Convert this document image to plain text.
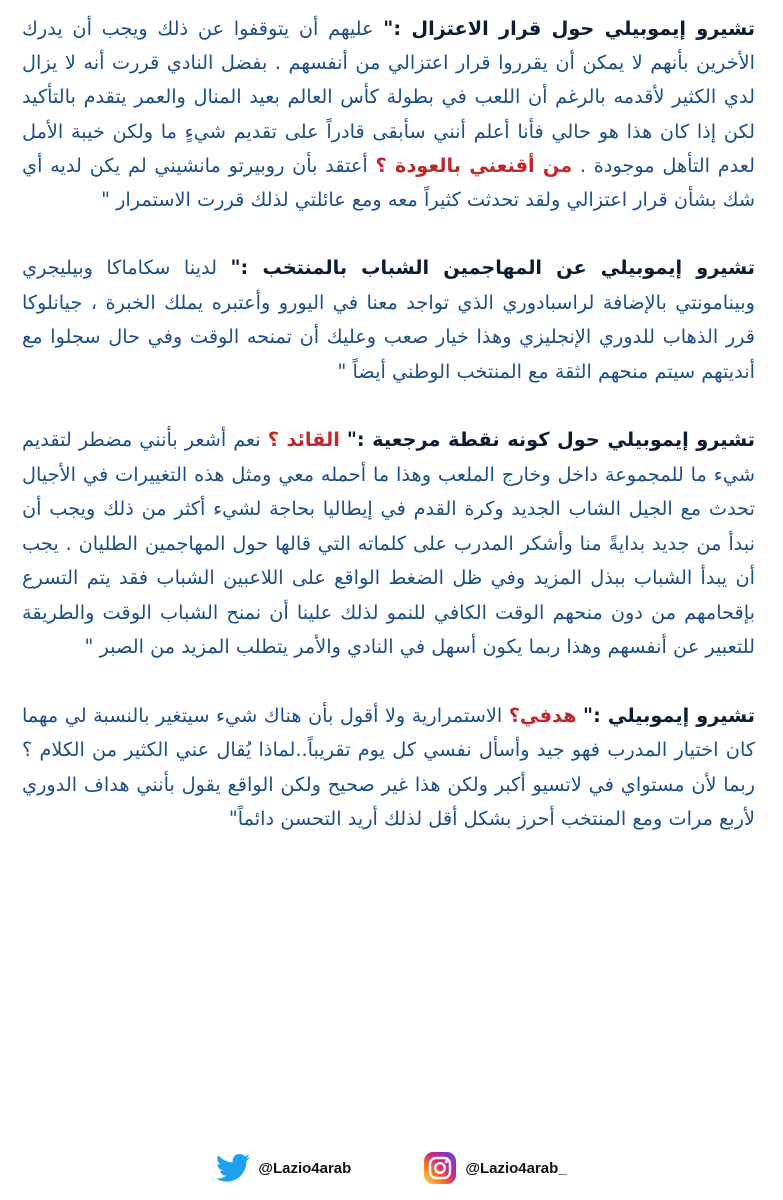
تشيرو إيموبيلي حول قرار الاعتزال :" عليهم أن يتوقفوا عن ذلك ويجب أن يدرك الأخرين بأنهم لا يمكن أن يقرروا قرار اعتزالي من أنفسهم . بفضل النادي قررت أنه لا يزال لدي الكثير لأقدمه بالرغم أن اللعب في بطولة كأس العالم بعيد المنال والعمر يتقدم بالتأكيد لكن إذا كان هذا هو حالي فأنا أعلم أنني سأبقى قادراً على تقديم شيءٍ ما ولكن خيبة الأمل لعدم التأهل موجودة . من أقنعني بالعودة ؟ أعتقد بأن روبيرتو مانشيني لم يكن لديه أي شك بشأن قرار اعتزالي ولقد تحدثت كثيراً معه ومع عائلتي لذلك قررت الاستمرار "

تشيرو إيموبيلي عن المهاجمين الشباب بالمنتخب :" لدينا سكاماكا وبيليجري وبينامونتي بالإضافة لراسبادوري الذي تواجد معنا في اليورو وأعتبره يملك الخبرة ، جيانلوكا قرر الذهاب للدوري الإنجليزي وهذا خيار صعب وعليك أن تمنحه الوقت وفي حال سجلوا مع أنديتهم سيتم منحهم الثقة مع المنتخب الوطني أيضاً "

تشيرو إيموبيلي حول كونه نقطة مرجعية :" القائد ؟ نعم أشعر بأنني مضطر لتقديم شيء ما للمجموعة داخل وخارج الملعب وهذا ما أحمله معي ومثل هذه التغييرات في الأجيال تحدث مع الجيل الشاب الجديد وكرة القدم في إيطاليا بحاجة لشيء أكثر من ذلك ويجب أن نبدأ من جديد بدايةً منا وأشكر المدرب على كلماته التي قالها حول المهاجمين الطليان . يجب أن يبدأ الشباب ببذل المزيد وفي ظل الضغط الواقع على اللاعبين الشباب فقد يتم التسرع بإقحامهم من دون منحهم الوقت الكافي للنمو لذلك علينا أن نمنح الشباب الوقت والطريقة للتعبير عن أنفسهم وهذا ربما يكون أسهل في النادي والأمر يتطلب المزيد من الصبر "

تشيرو إيموبيلي :" هدفي؟ الاستمرارية ولا أقول بأن هناك شيء سيتغير بالنسبة لي مهما كان اختيار المدرب فهو جيد وأسأل نفسي كل يوم تقريباً..لماذا يُقال عني الكثير من الكلام ؟ ربما لأن مستواي في لاتسيو أكبر ولكن هذا غير صحيح ولكن الواقع يقول بأنني هداف الدوري لأربع مرات ومع المنتخب أحرز بشكل أقل لذلك أريد التحسن دائماً"

@Lazio4arab	@Lazio4arab_
